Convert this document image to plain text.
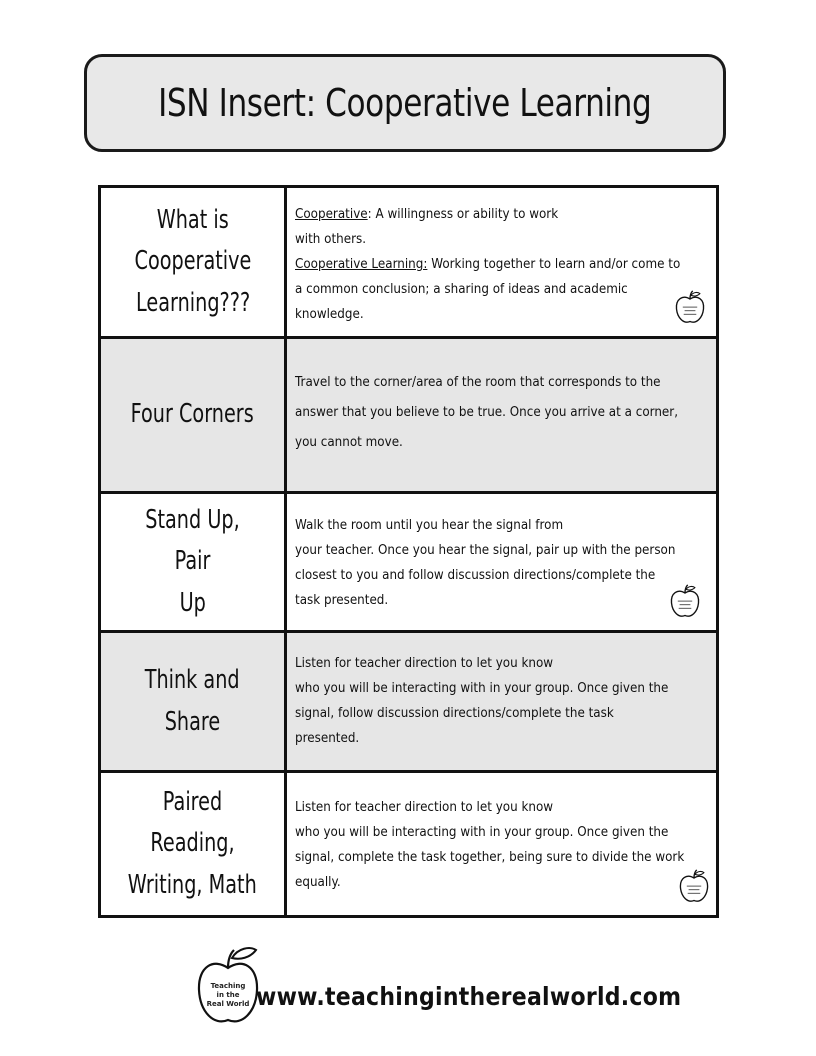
ISN Insert: Cooperative Learning
What is
Cooperative
Learning???
Cooperative: A willingness or ability to work
with others.
Cooperative Learning: Working together to learn and/or come to
a common conclusion; a sharing of ideas and academic
knowledge.
Four Corners
Travel to the corner/area of the room that corresponds to the
answer that you believe to be true. Once you arrive at a corner,
you cannot move.
Stand Up, Pair
Up
Walk the room until you hear the signal from
your teacher. Once you hear the signal, pair up with the person
closest to you and follow discussion directions/complete the
task presented.
Think and
Share
Listen for teacher direction to let you know
who you will be interacting with in your group. Once given the
signal, follow discussion directions/complete the task
presented.
Paired Reading,
Writing, Math
Listen for teacher direction to let you know
who you will be interacting with in your group. Once given the
signal, complete the task together, being sure to divide the work
equally.
Teaching
in the
Real World www.teachingintherealworld.com
